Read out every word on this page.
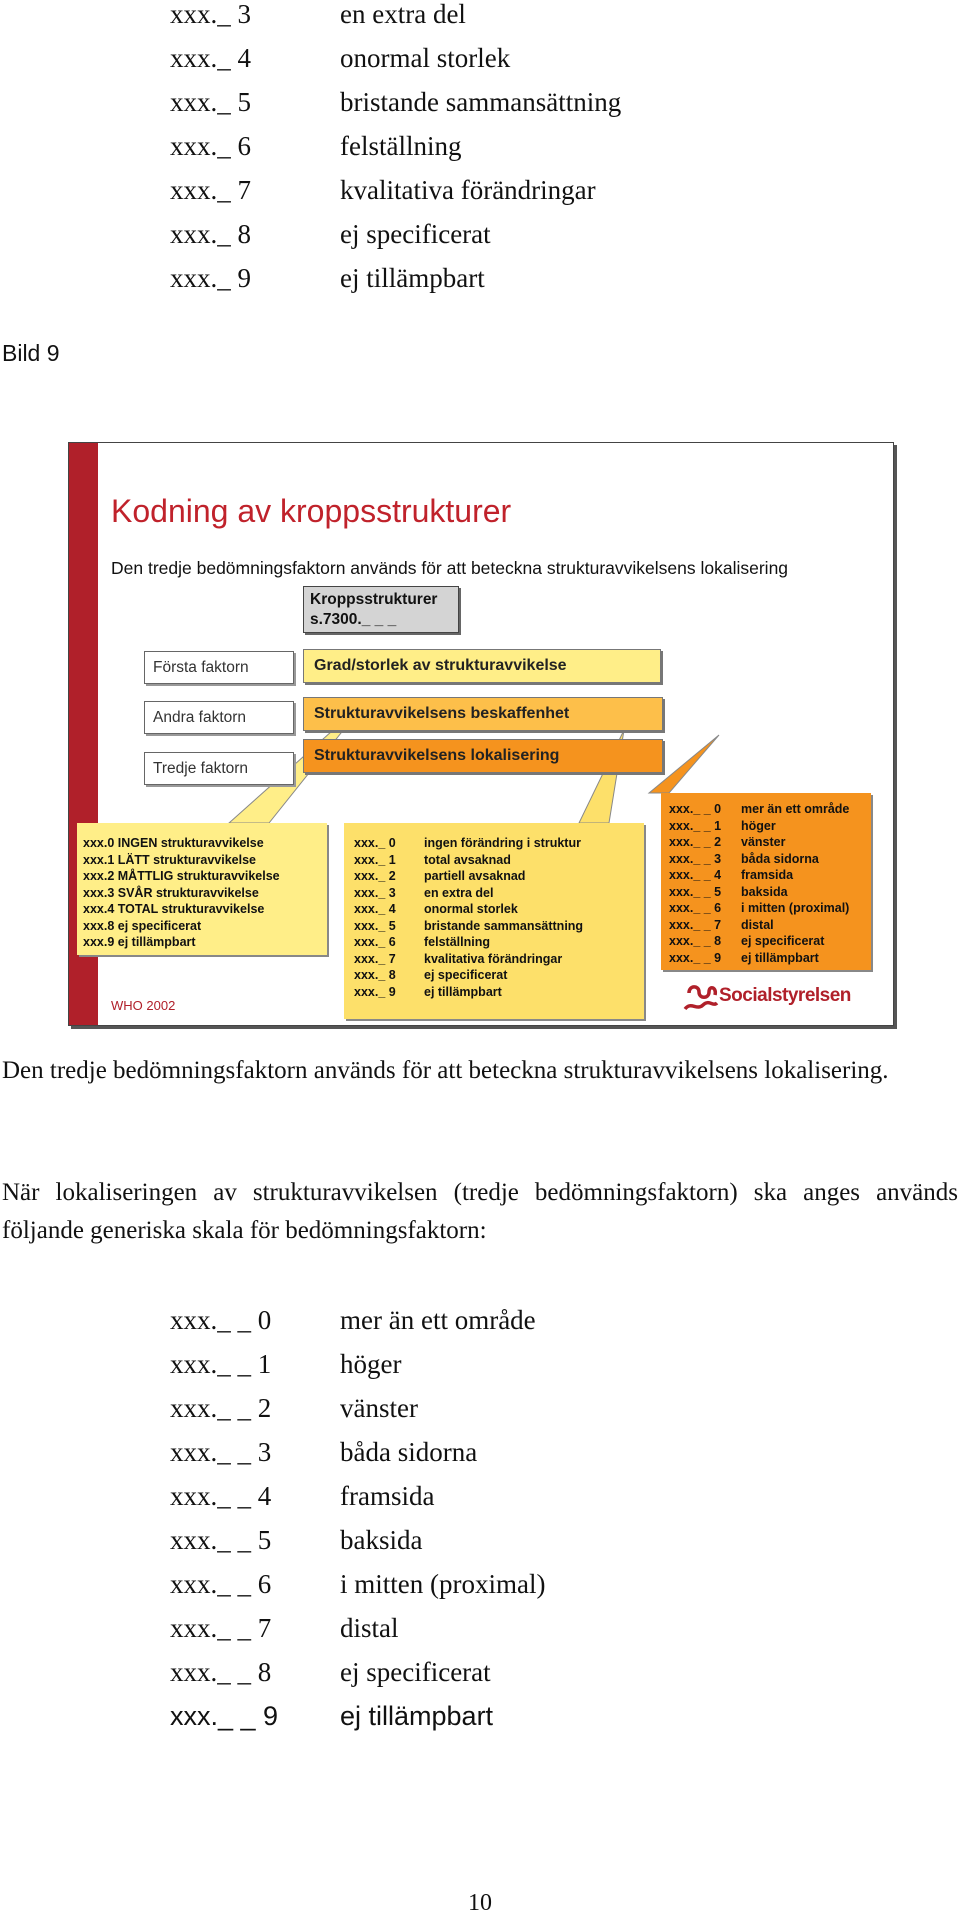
xxx._ 3	en extra del
xxx._ 4	onormal storlek
xxx._ 5	bristande sammansättning
xxx._ 6	felställning
xxx._ 7	kvalitativa förändringar
xxx._ 8	ej specificerat
xxx._ 9	ej tillämpbart
Bild 9
Kodning av kroppsstrukturer
Den tredje bedömningsfaktorn används för att beteckna strukturavvikelsens lokalisering
Kroppsstrukturer
s.7300._ _ _
Första faktorn
Andra faktorn
Tredje faktorn
Grad/storlek av strukturavvikelse
Strukturavvikelsens beskaffenhet
Strukturavvikelsens lokalisering
xxx.0 INGEN strukturavvikelse
xxx.1 LÄTT strukturavvikelse
xxx.2 MÅTTLIG strukturavvikelse
xxx.3 SVÅR strukturavvikelse
xxx.4 TOTAL strukturavvikelse
xxx.8 ej specificerat
xxx.9 ej tillämpbart
xxx._ 0 ingen förändring i struktur
xxx._ 1 total avsaknad
xxx._ 2 partiell avsaknad
xxx._ 3 en extra del
xxx._ 4 onormal storlek
xxx._ 5 bristande sammansättning
xxx._ 6 felställning
xxx._ 7 kvalitativa förändringar
xxx._ 8 ej specificerat
xxx._ 9 ej tillämpbart
xxx._ _ 0 mer än ett område
xxx._ _ 1 höger
xxx._ _ 2 vänster
xxx._ _ 3 båda sidorna
xxx._ _ 4 framsida
xxx._ _ 5 baksida
xxx._ _ 6 i mitten (proximal)
xxx._ _ 7 distal
xxx._ _ 8 ej specificerat
xxx._ _ 9 ej tillämpbart
WHO 2002	Socialstyrelsen
Den tredje bedömningsfaktorn används för att beteckna strukturavvikelsens lokalisering.
När lokaliseringen av strukturavvikelsen (tredje bedömningsfaktorn) ska anges används följande generiska skala för bedömningsfaktorn:
xxx._ _ 0	mer än ett område
xxx._ _ 1	höger
xxx._ _ 2	vänster
xxx._ _ 3	båda sidorna
xxx._ _ 4	framsida
xxx._ _ 5	baksida
xxx._ _ 6	i mitten (proximal)
xxx._ _ 7	distal
xxx._ _ 8	ej specificerat
xxx._ _ 9 ej tillämpbart
10
